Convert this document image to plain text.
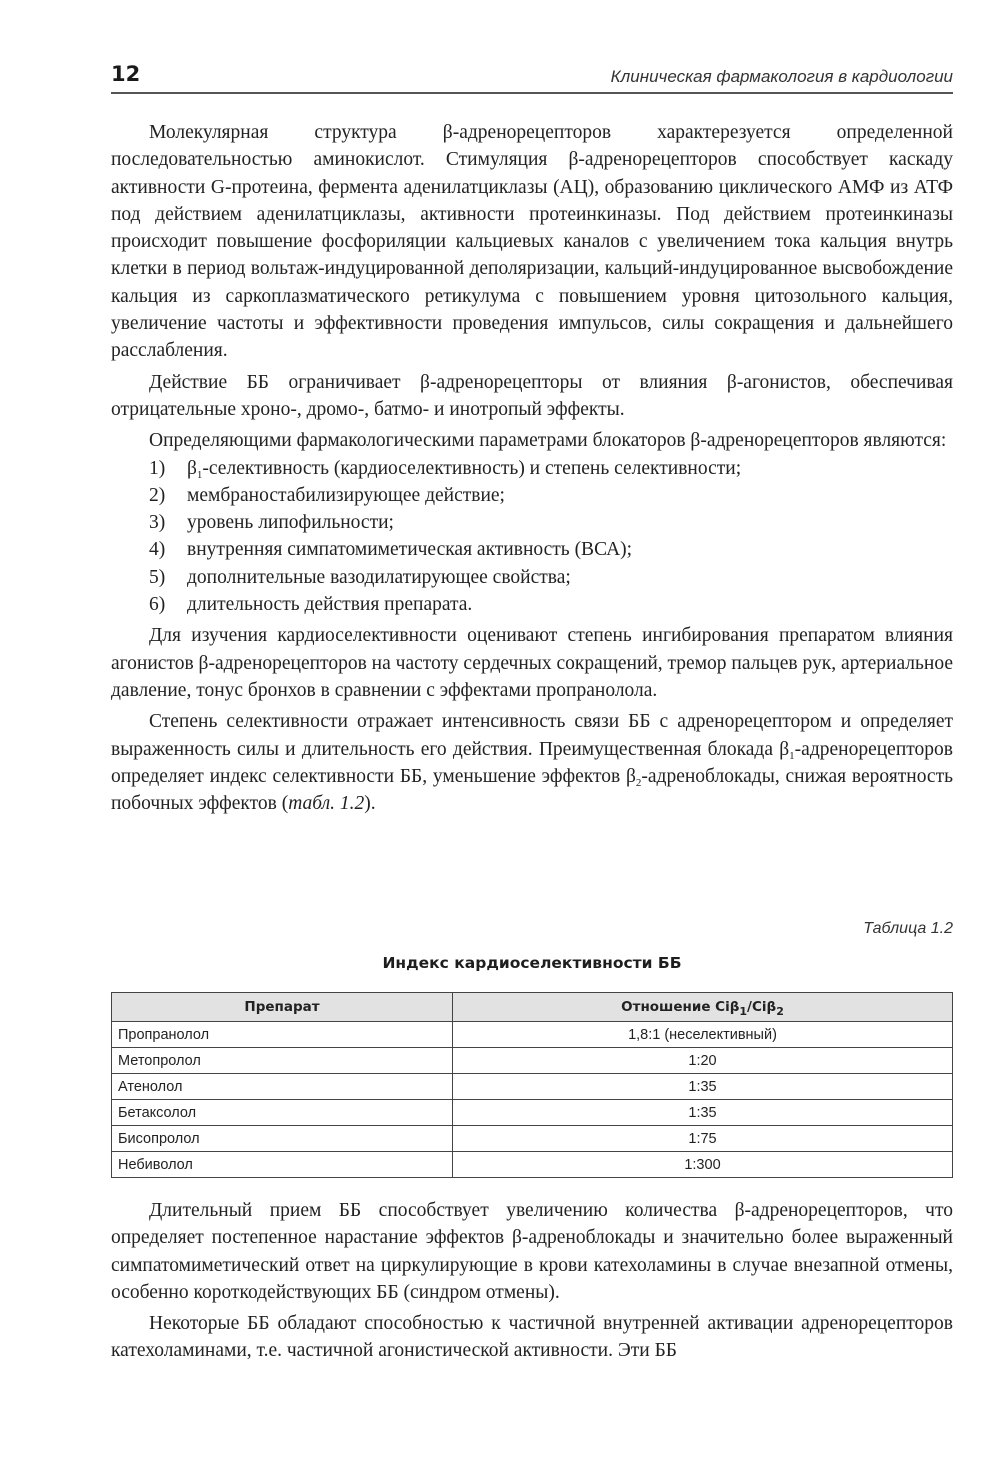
12	Клиническая фармакология в кардиологии

Молекулярная структура β-адренорецепторов характерезуется определенной последовательностью аминокислот. Стимуляция β-адренорецепторов способствует каскаду активности G-протеина, фермента аденилатциклазы (АЦ), образованию циклического АМФ из АТФ под действием аденилатциклазы, активности протеинкиназы. Под действием протеинкиназы происходит повышение фосфориляции кальциевых каналов с увеличением тока кальция внутрь клетки в период вольтаж-индуцированной деполяризации, кальций-индуцированное высвобождение кальция из саркоплазматического ретикулума с повышением уровня цитозольного кальция, увеличение частоты и эффективности проведения импульсов, силы сокращения и дальнейшего расслабления.

Действие ББ ограничивает β-адренорецепторы от влияния β-агонистов, обеспечивая отрицательные хроно-, дромо-, батмо- и инотропый эффекты.

Определяющими фармакологическими параметрами блокаторов β-адренорецепторов являются:

1) $\beta_1$-селективность (кардиоселективность) и степень селективности;
2) мембраностабилизирующее действие;
3) уровень липофильности;
4) внутренняя симпатомиметическая активность (ВСА);
5) дополнительные вазодилатирующее свойства;
6) длительность действия препарата.

Для изучения кардиоселективности оценивают степень ингибирования препаратом влияния агонистов β-адренорецепторов на частоту сердечных сокращений, тремор пальцев рук, артериальное давление, тонус бронхов в сравнении с эффектами пропранолола.

Степень селективности отражает интенсивность связи ББ с адренорецептором и определяет выраженность силы и длительность его действия. Преимущественная блокада $\beta_1$-адренорецепторов определяет индекс селективности ББ, уменьшение эффектов $\beta_2$-адреноблокады, снижая вероятность побочных эффектов (табл. 1.2).

Таблица 1.2
Индекс кардиоселективности ББ
Препарат	Отношение Ciβ$_1$/Ciβ$_2$
Пропранолол	1,8:1 (неселективный)
Метопролол	1:20
Атенолол	1:35
Бетаксолол	1:35
Бисопролол	1:75
Небиволол	1:300

Длительный прием ББ способствует увеличению количества β-адренорецепторов, что определяет постепенное нарастание эффектов β-адреноблокады и значительно более выраженный симпатомиметический ответ на циркулирующие в крови катехоламины в случае внезапной отмены, особенно короткодействующих ББ (синдром отмены).

Некоторые ББ обладают способностью к частичной внутренней активации адренорецепторов катехоламинами, т.е. частичной агонистической активности. Эти ББ
